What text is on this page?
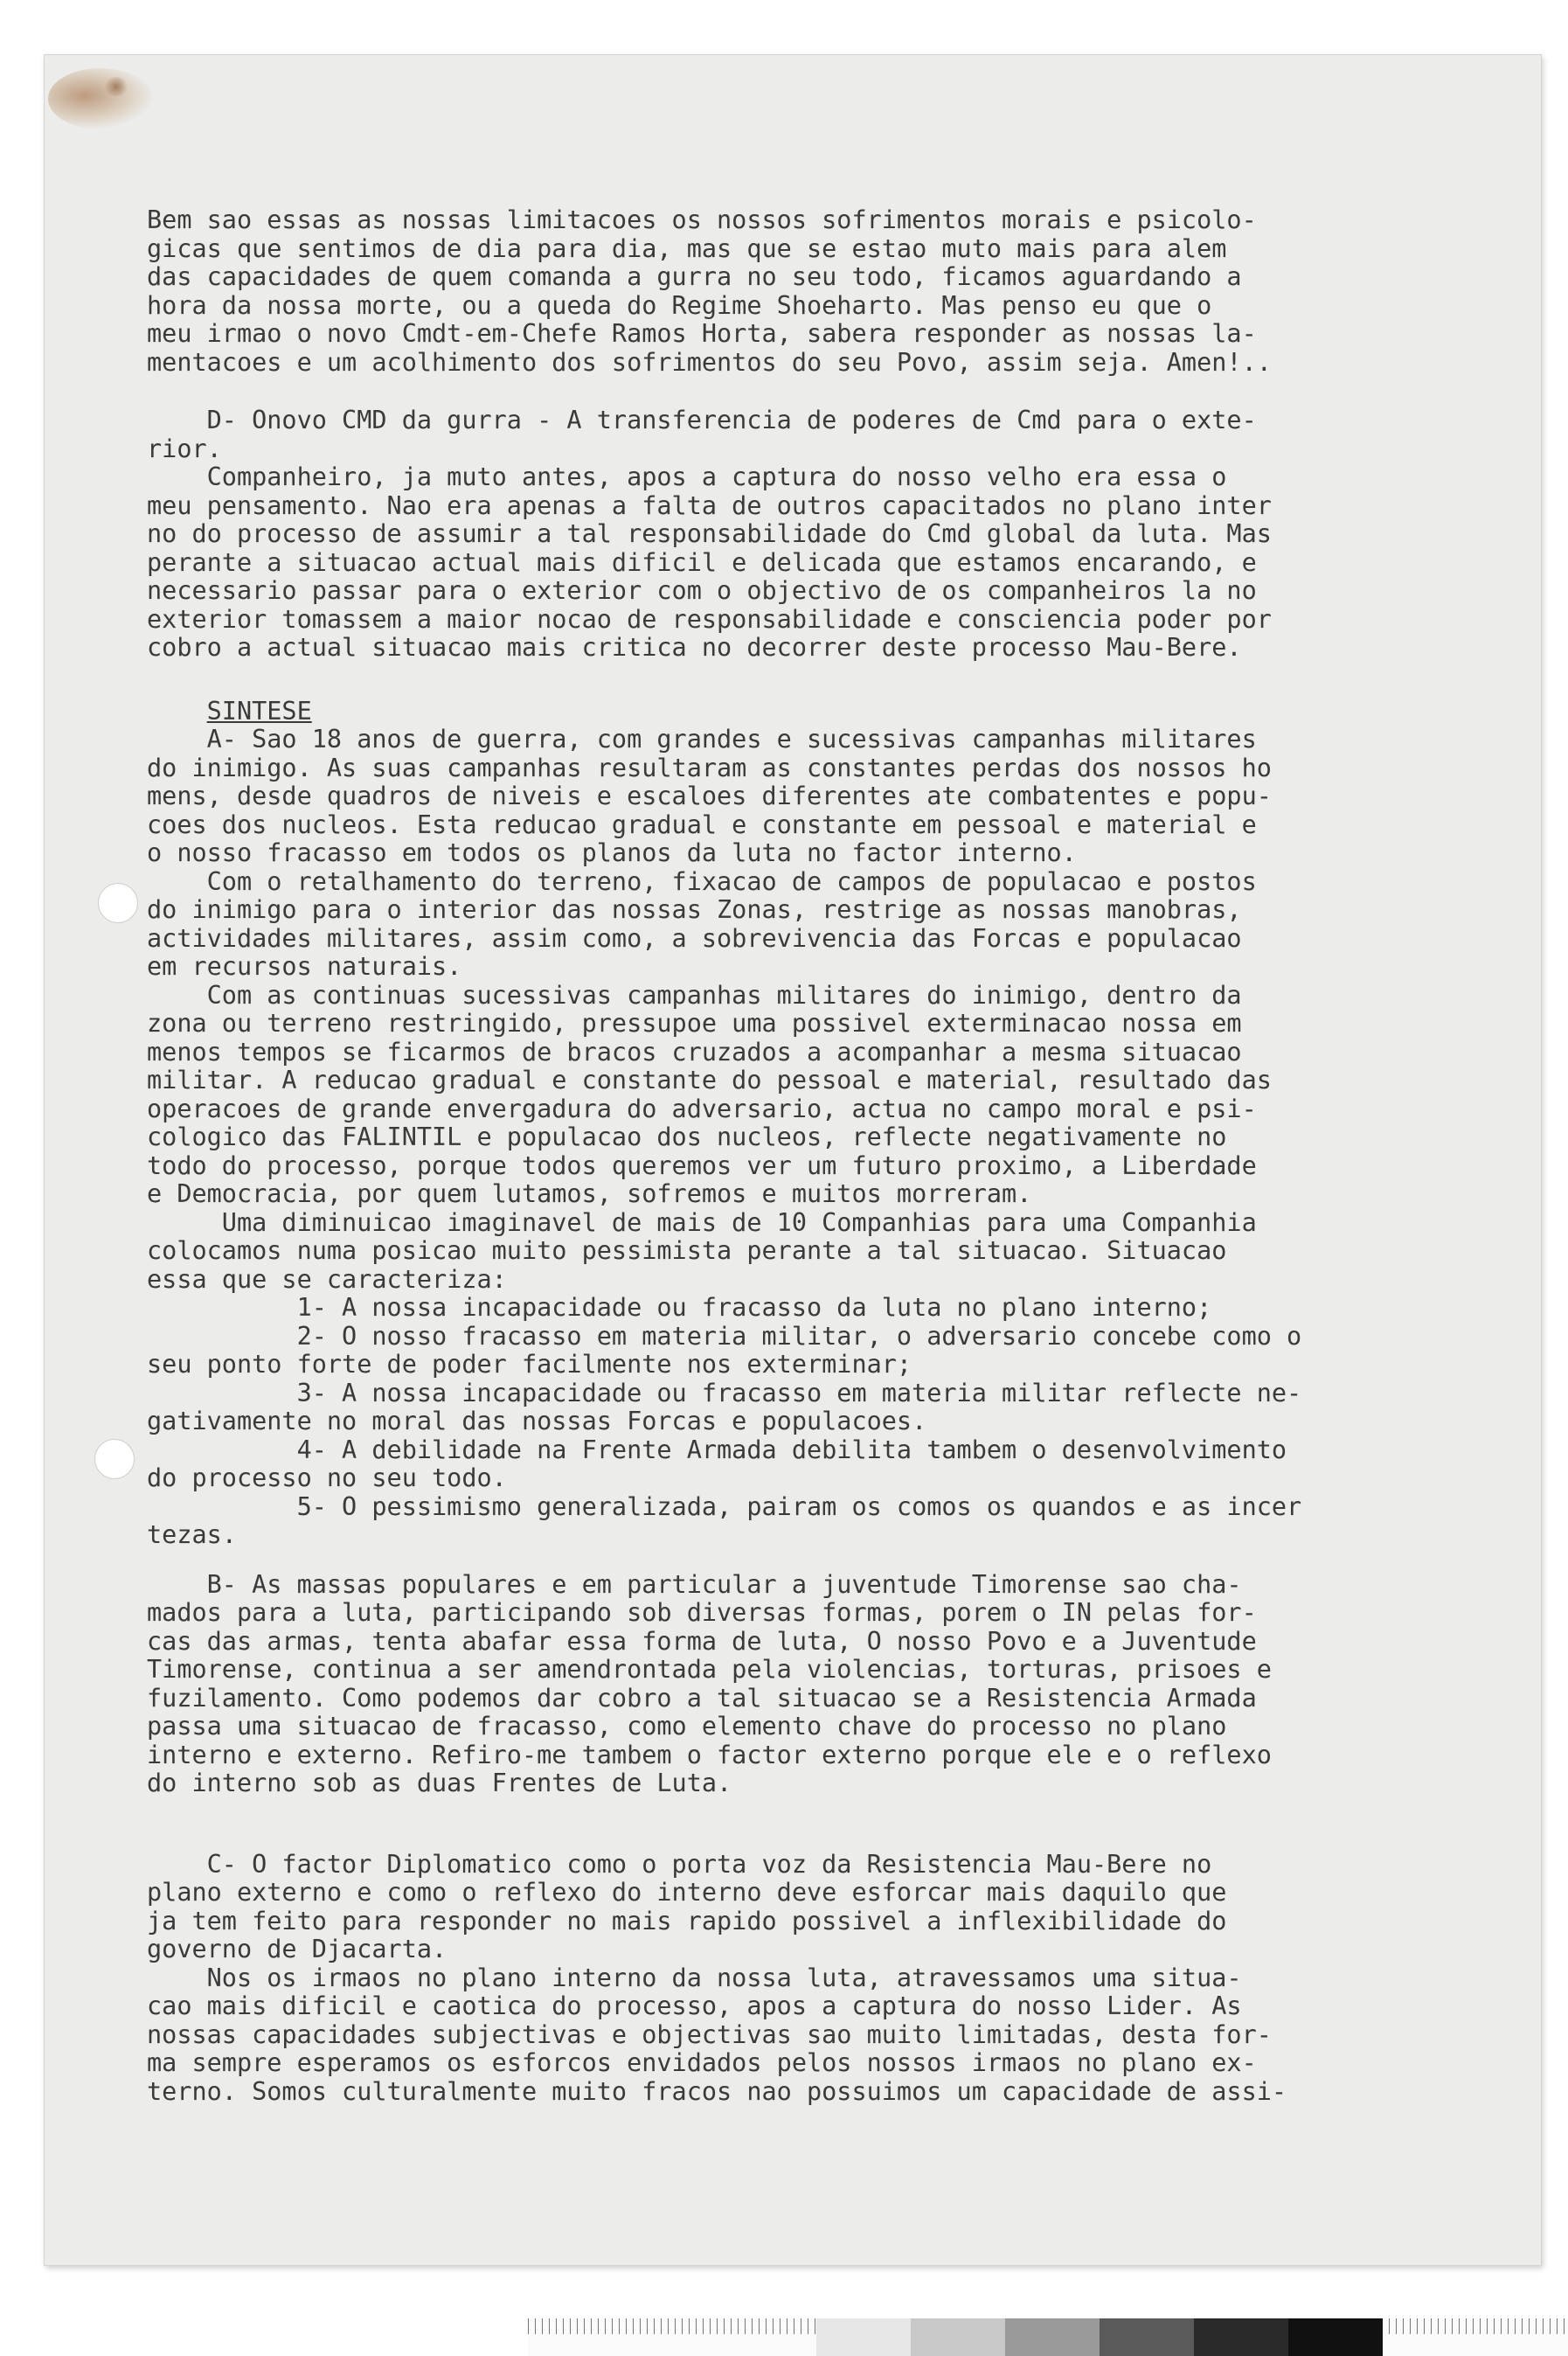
Bem sao essas as nossas limitacoes os nossos sofrimentos morais e psicolo-

gicas que sentimos de dia para dia, mas que se estao muto mais para alem

das capacidades de quem comanda a gurra no seu todo, ficamos aguardando a

hora da nossa morte, ou a queda do Regime Shoeharto. Mas penso eu que o

meu irmao o novo Cmdt-em-Chefe Ramos Horta, sabera responder as nossas la-

mentacoes e um acolhimento dos sofrimentos do seu Povo, assim seja. Amen!..

D- Onovo CMD da gurra - A transferencia de poderes de Cmd para o exte-

rior.

Companheiro, ja muto antes, apos a captura do nosso velho era essa o

meu pensamento. Nao era apenas a falta de outros capacitados no plano inter

no do processo de assumir a tal responsabilidade do Cmd global da luta. Mas

perante a situacao actual mais dificil e delicada que estamos encarando, e

necessario passar para o exterior com o objectivo de os companheiros la no

exterior tomassem a maior nocao de responsabilidade e consciencia poder por

cobro a actual situacao mais critica no decorrer deste processo Mau-Bere.

SINTESE

A- Sao 18 anos de guerra, com grandes e sucessivas campanhas militares

do inimigo. As suas campanhas resultaram as constantes perdas dos nossos ho

mens, desde quadros de niveis e escaloes diferentes ate combatentes e popu-

coes dos nucleos. Esta reducao gradual e constante em pessoal e material e

o nosso fracasso em todos os planos da luta no factor interno.

Com o retalhamento do terreno, fixacao de campos de populacao e postos

do inimigo para o interior das nossas Zonas, restrige as nossas manobras,

actividades militares, assim como, a sobrevivencia das Forcas e populacao

em recursos naturais.

Com as continuas sucessivas campanhas militares do inimigo, dentro da

zona ou terreno restringido, pressupoe uma possivel exterminacao nossa em

menos tempos se ficarmos de bracos cruzados a acompanhar a mesma situacao

militar. A reducao gradual e constante do pessoal e material, resultado das

operacoes de grande envergadura do adversario, actua no campo moral e psi-

cologico das FALINTIL e populacao dos nucleos, reflecte negativamente no

todo do processo, porque todos queremos ver um futuro proximo, a Liberdade

e Democracia, por quem lutamos, sofremos e muitos morreram.

Uma diminuicao imaginavel de mais de 10 Companhias para uma Companhia

colocamos numa posicao muito pessimista perante a tal situacao. Situacao

essa que se caracteriza:

1- A nossa incapacidade ou fracasso da luta no plano interno;

2- O nosso fracasso em materia militar, o adversario concebe como o

seu ponto forte de poder facilmente nos exterminar;

3- A nossa incapacidade ou fracasso em materia militar reflecte ne-

gativamente no moral das nossas Forcas e populacoes.

4- A debilidade na Frente Armada debilita tambem o desenvolvimento

do processo no seu todo.

5- O pessimismo generalizada, pairam os comos os quandos e as incer

tezas.

B- As massas populares e em particular a juventude Timorense sao cha-

mados para a luta, participando sob diversas formas, porem o IN pelas for-

cas das armas, tenta abafar essa forma de luta, O nosso Povo e a Juventude

Timorense, continua a ser amendrontada pela violencias, torturas, prisoes e

fuzilamento. Como podemos dar cobro a tal situacao se a Resistencia Armada

passa uma situacao de fracasso, como elemento chave do processo no plano

interno e externo. Refiro-me tambem o factor externo porque ele e o reflexo

do interno sob as duas Frentes de Luta.

C- O factor Diplomatico como o porta voz da Resistencia Mau-Bere no

plano externo e como o reflexo do interno deve esforcar mais daquilo que

ja tem feito para responder no mais rapido possivel a inflexibilidade do

governo de Djacarta.

Nos os irmaos no plano interno da nossa luta, atravessamos uma situa-

cao mais dificil e caotica do processo, apos a captura do nosso Lider. As

nossas capacidades subjectivas e objectivas sao muito limitadas, desta for-

ma sempre esperamos os esforcos envidados pelos nossos irmaos no plano ex-

terno. Somos culturalmente muito fracos nao possuimos um capacidade de assi-
